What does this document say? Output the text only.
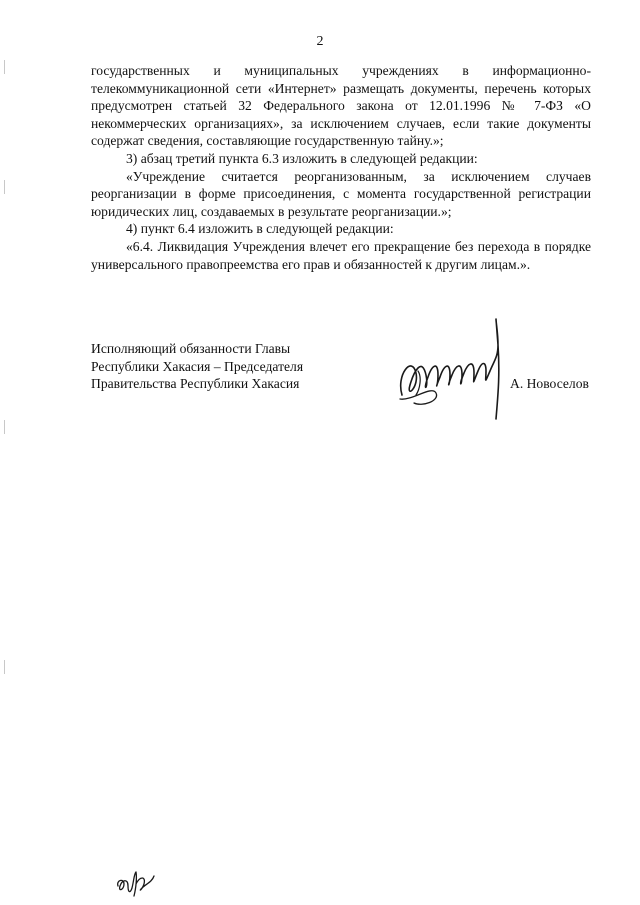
2

государственных и муниципальных учреждениях в информационно-телекоммуникационной сети «Интернет» размещать документы, перечень которых предусмотрен статьей 32 Федерального закона от 12.01.1996 № 7-ФЗ «О некоммерческих организациях», за исключением случаев, если такие документы содержат сведения, составляющие государственную тайну.»;

3) абзац третий пункта 6.3 изложить в следующей редакции:

«Учреждение считается реорганизованным, за исключением случаев реорганизации в форме присоединения, с момента государственной регистрации юридических лиц, создаваемых в результате реорганизации.»;

4) пункт 6.4 изложить в следующей редакции:

«6.4. Ликвидация Учреждения влечет его прекращение без перехода в порядке универсального правопреемства его прав и обязанностей к другим лицам.».

Исполняющий обязанности Главы
Республики Хакасия – Председателя
Правительства Республики Хакасия	А. Новоселов
